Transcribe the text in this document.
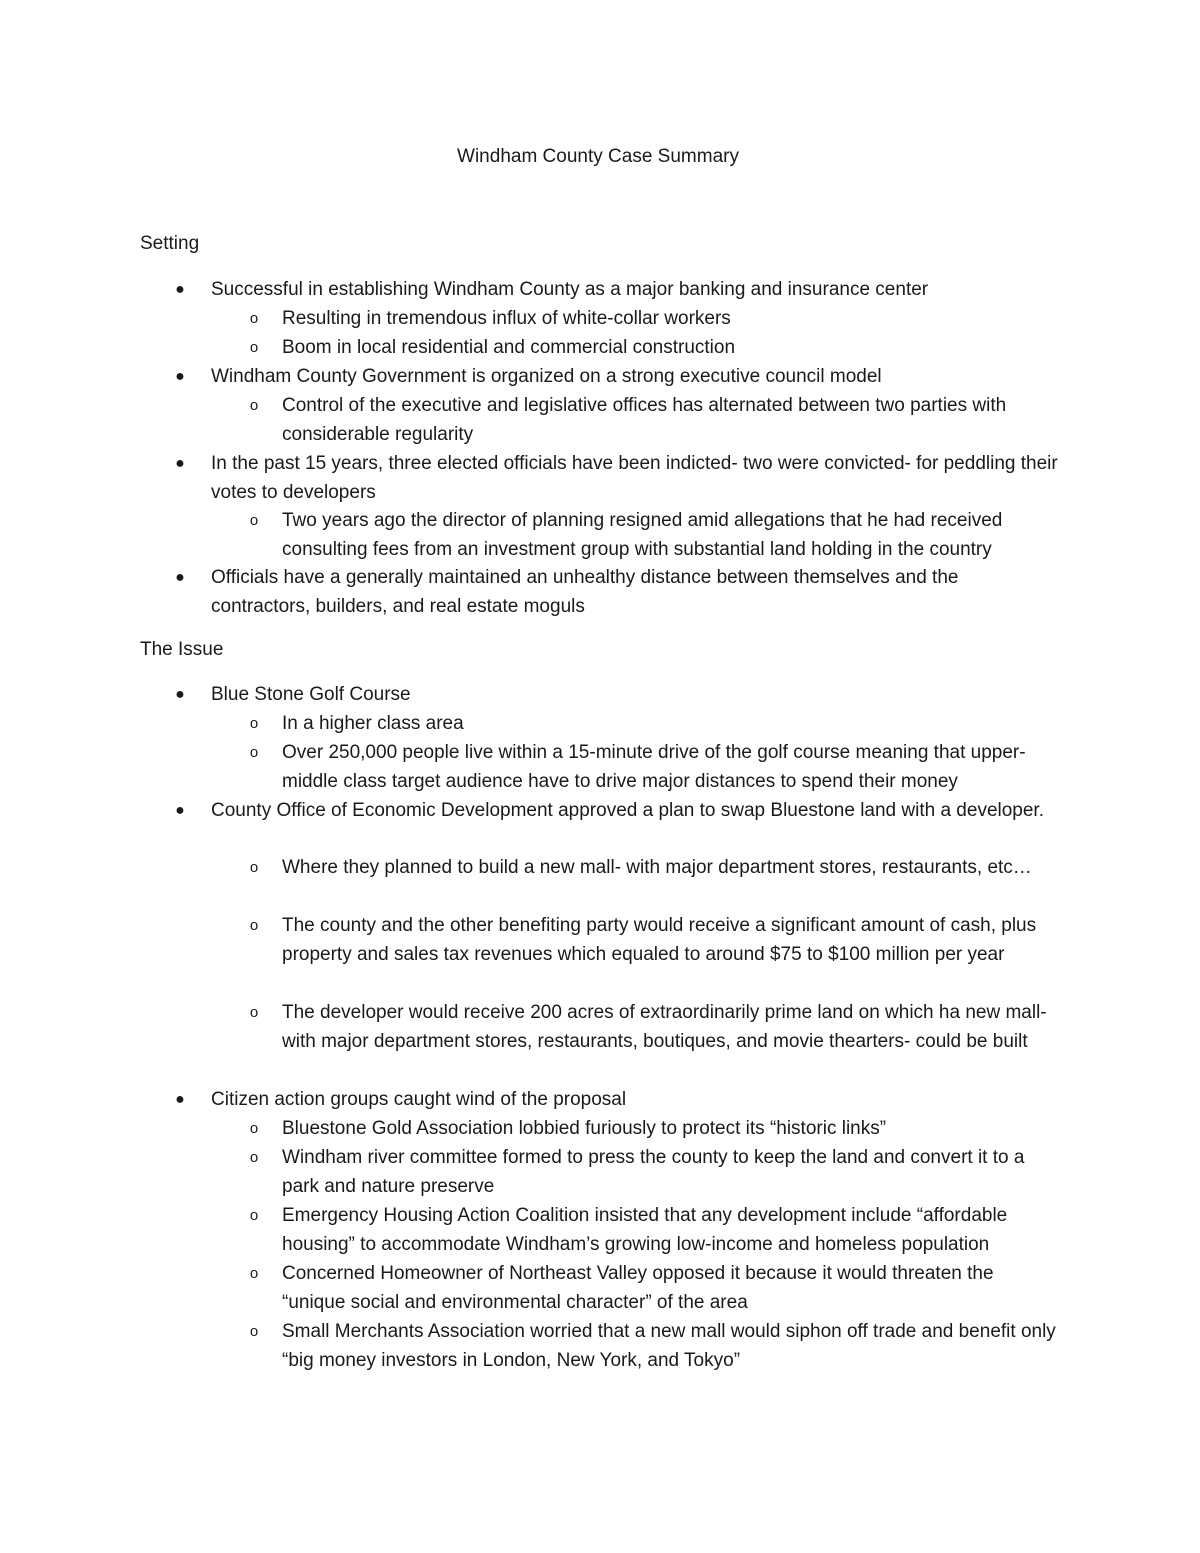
Windham County Case Summary
Setting
The Issue
● Successful in establishing Windham County as a major banking and insurance center
o	Resulting in tremendous influx of white-collar workers
o	Boom in local residential and commercial construction
● Windham County Government is organized on a strong executive council model
o	Control of the executive and legislative offices has alternated between two parties with considerable regularity
● In the past 15 years, three elected officials have been indicted- two were convicted- for peddling their votes to developers
o	Two years ago the director of planning resigned amid allegations that he had received consulting fees from an investment group with substantial land holding in the country
● Officials have a generally maintained an unhealthy distance between themselves and the contractors, builders, and real estate moguls
● Blue Stone Golf Course
o	In a higher class area
o	Over 250,000 people live within a 15-minute drive of the golf course meaning that upper-middle class target audience have to drive major distances to spend their money
● County Office of Economic Development approved a plan to swap Bluestone land with a developer.
o	Where they planned to build a new mall- with major department stores, restaurants, etc…
o	The county and the other benefiting party would receive a significant amount of cash, plus property and sales tax revenues which equaled to around $75 to $100 million per year
o	The developer would receive 200 acres of extraordinarily prime land on which ha new mall- with major department stores, restaurants, boutiques, and movie thearters- could be built
● Citizen action groups caught wind of the proposal
o	Bluestone Gold Association lobbied furiously to protect its “historic links”
o	Windham river committee formed to press the county to keep the land and convert it to a park and nature preserve
o	Emergency Housing Action Coalition insisted that any development include “affordable housing” to accommodate Windham’s growing low-income and homeless population
o	Concerned Homeowner of Northeast Valley opposed it because it would threaten the “unique social and environmental character” of the area
o	Small Merchants Association worried that a new mall would siphon off trade and benefit only “big money investors in London, New York, and Tokyo”
